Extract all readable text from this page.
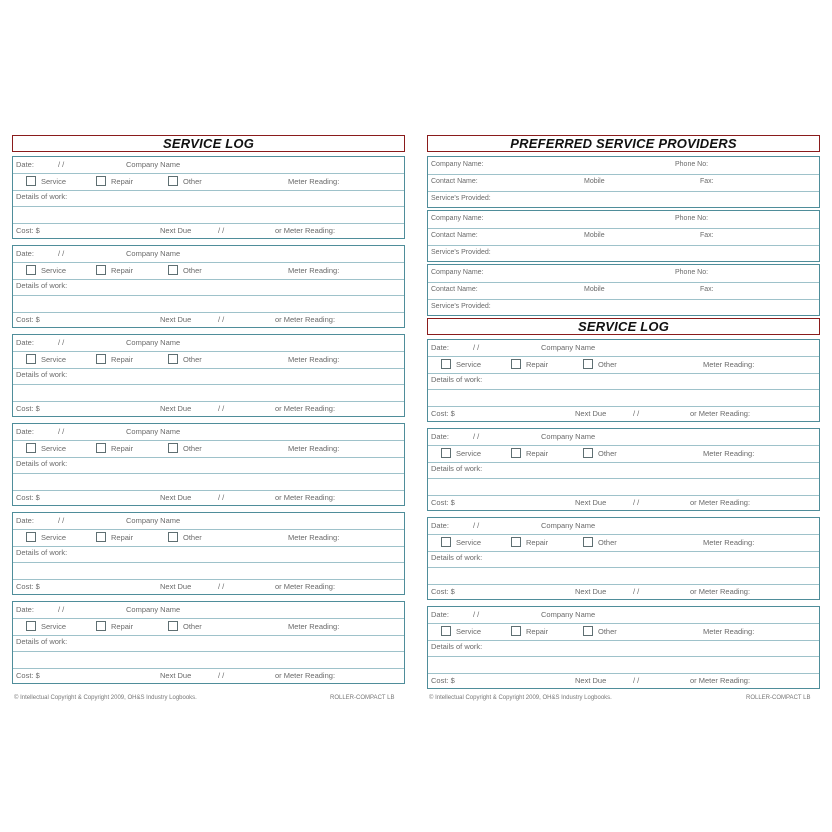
SERVICE LOG
Date:	/ /	Company Name
Service	Repair	Other	Meter Reading:
Details of work:
Cost: $	Next Due	/ /	or Meter Reading:
Date:	/ /	Company Name
Service	Repair	Other	Meter Reading:
Details of work:
Cost: $	Next Due	/ /	or Meter Reading:
Date:	/ /	Company Name
Service	Repair	Other	Meter Reading:
Details of work:
Cost: $	Next Due	/ /	or Meter Reading:
Date:	/ /	Company Name
Service	Repair	Other	Meter Reading:
Details of work:
Cost: $	Next Due	/ /	or Meter Reading:
Date:	/ /	Company Name
Service	Repair	Other	Meter Reading:
Details of work:
Cost: $	Next Due	/ /	or Meter Reading:
Date:	/ /	Company Name
Service	Repair	Other	Meter Reading:
Details of work:
Cost: $	Next Due	/ /	or Meter Reading:
PREFERRED SERVICE PROVIDERS
Company Name:	Phone No:
Contact Name:	Mobile	Fax:
Service's Provided:
Company Name:	Phone No:
Contact Name:	Mobile	Fax:
Service's Provided:
Company Name:	Phone No:
Contact Name:	Mobile	Fax:
Service's Provided:
SERVICE LOG
Date:	/ /	Company Name
Service	Repair	Other	Meter Reading:
Details of work:
Cost: $	Next Due	/ /	or Meter Reading:
Date:	/ /	Company Name
Service	Repair	Other	Meter Reading:
Details of work:
Cost: $	Next Due	/ /	or Meter Reading:
Date:	/ /	Company Name
Service	Repair	Other	Meter Reading:
Details of work:
Cost: $	Next Due	/ /	or Meter Reading:
Date:	/ /	Company Name
Service	Repair	Other	Meter Reading:
Details of work:
Cost: $	Next Due	/ /	or Meter Reading:
© Intellectual Copyright & Copyright 2009, OH&S Industry Logbooks.	ROLLER-COMPACT LB	© Intellectual Copyright & Copyright 2009, OH&S Industry Logbooks.	ROLLER-COMPACT LB
